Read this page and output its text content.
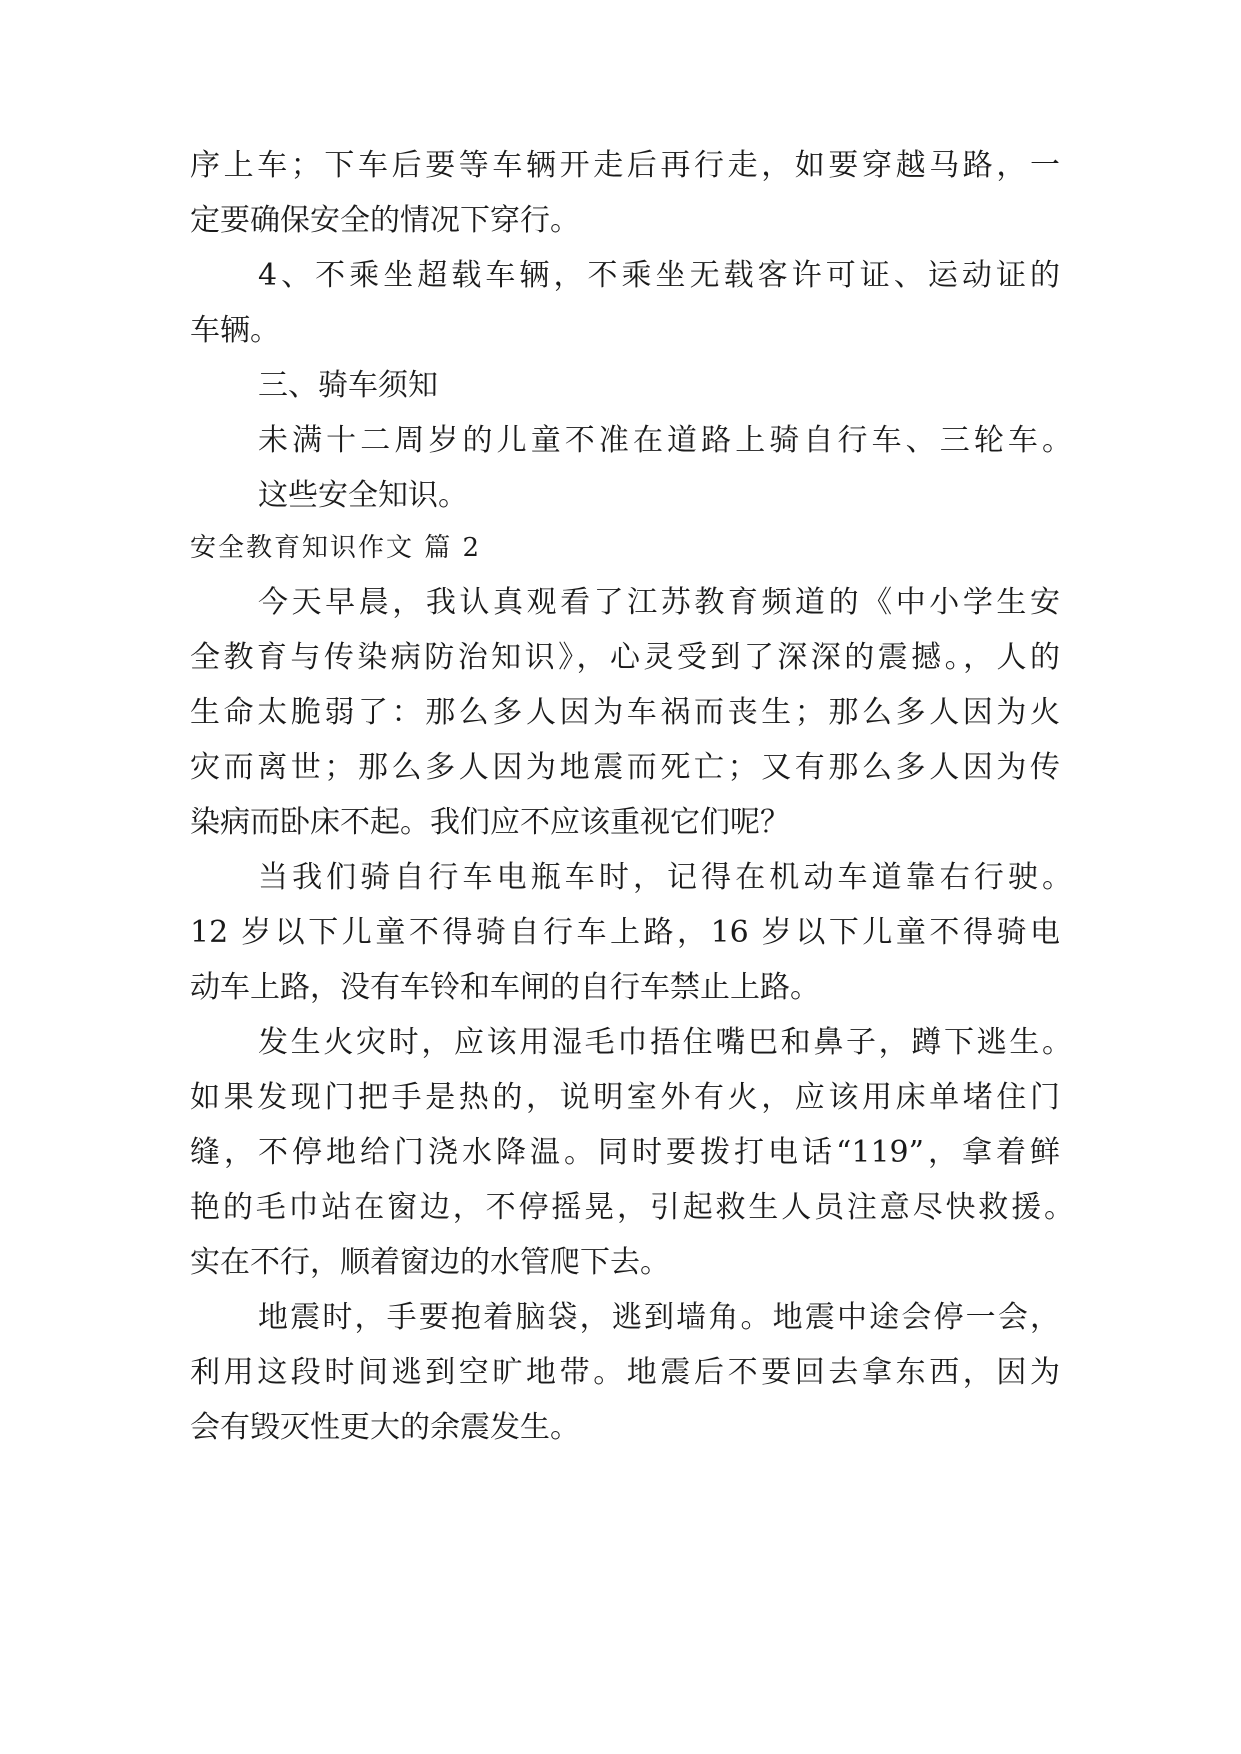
序上车；下车后要等车辆开走后再行走，如要穿越马路，一
定要确保安全的情况下穿行。
4、不乘坐超载车辆，不乘坐无载客许可证、运动证的
车辆。
三、骑车须知
未满十二周岁的儿童不准在道路上骑自行车、三轮车。
这些安全知识。
安全教育知识作文 篇 2
今天早晨，我认真观看了江苏教育频道的《中小学生安
全教育与传染病防治知识》，心灵受到了深深的震撼。，人的
生命太脆弱了：那么多人因为车祸而丧生；那么多人因为火
灾而离世；那么多人因为地震而死亡；又有那么多人因为传
染病而卧床不起。我们应不应该重视它们呢？
当我们骑自行车电瓶车时，记得在机动车道靠右行驶。
12 岁以下儿童不得骑自行车上路，16 岁以下儿童不得骑电
动车上路，没有车铃和车闸的自行车禁止上路。
发生火灾时，应该用湿毛巾捂住嘴巴和鼻子，蹲下逃生。
如果发现门把手是热的，说明室外有火，应该用床单堵住门
缝，不停地给门浇水降温。同时要拨打电话“119”，拿着鲜
艳的毛巾站在窗边，不停摇晃，引起救生人员注意尽快救援。
实在不行，顺着窗边的水管爬下去。
地震时，手要抱着脑袋，逃到墙角。地震中途会停一会，
利用这段时间逃到空旷地带。地震后不要回去拿东西，因为
会有毁灭性更大的余震发生。
